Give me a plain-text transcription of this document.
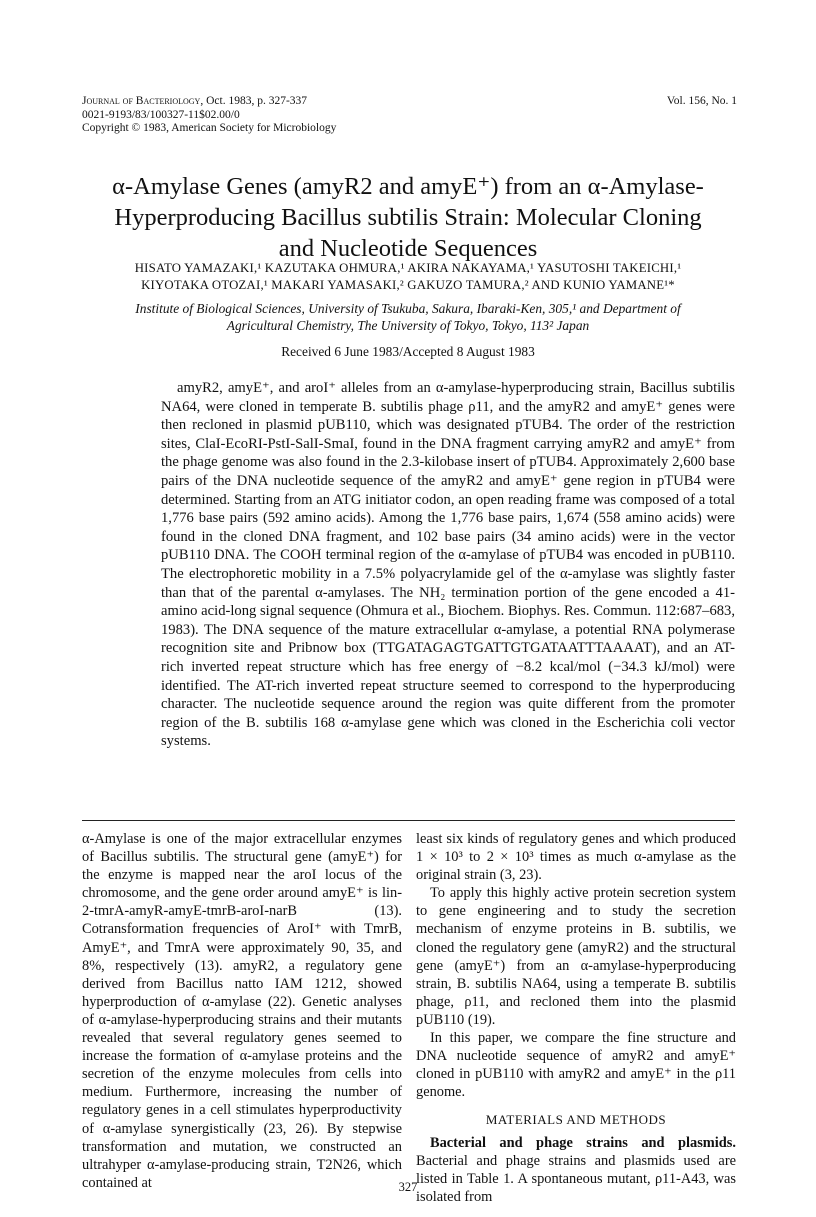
Journal of Bacteriology, Oct. 1983, p. 327-337
0021-9193/83/100327-11$02.00/0
Copyright © 1983, American Society for Microbiology
Vol. 156, No. 1
α-Amylase Genes (amyR2 and amyE⁺) from an α-Amylase-
Hyperproducing Bacillus subtilis Strain: Molecular Cloning
and Nucleotide Sequences
HISATO YAMAZAKI,¹ KAZUTAKA OHMURA,¹ AKIRA NAKAYAMA,¹ YASUTOSHI TAKEICHI,¹
KIYOTAKA OTOZAI,¹ MAKARI YAMASAKI,² GAKUZO TAMURA,² AND KUNIO YAMANE¹*
Institute of Biological Sciences, University of Tsukuba, Sakura, Ibaraki-Ken, 305,¹ and Department of
Agricultural Chemistry, The University of Tokyo, Tokyo, 113² Japan
Received 6 June 1983/Accepted 8 August 1983

amyR2, amyE⁺, and aroI⁺ alleles from an α-amylase-hyperproducing strain, Bacillus subtilis NA64, were cloned in temperate B. subtilis phage ρ11, and the amyR2 and amyE⁺ genes were then recloned in plasmid pUB110, which was designated pTUB4. The order of the restriction sites, ClaI-EcoRI-PstI-SalI-SmaI, found in the DNA fragment carrying amyR2 and amyE⁺ from the phage genome was also found in the 2.3-kilobase insert of pTUB4. Approximately 2,600 base pairs of the DNA nucleotide sequence of the amyR2 and amyE⁺ gene region in pTUB4 were determined. Starting from an ATG initiator codon, an open reading frame was composed of a total 1,776 base pairs (592 amino acids). Among the 1,776 base pairs, 1,674 (558 amino acids) were found in the cloned DNA fragment, and 102 base pairs (34 amino acids) were in the vector pUB110 DNA. The COOH terminal region of the α-amylase of pTUB4 was encoded in pUB110. The electrophoretic mobility in a 7.5% polyacrylamide gel of the α-amylase was slightly faster than that of the parental α-amylases. The NH₂ termination portion of the gene encoded a 41-amino acid-long signal sequence (Ohmura et al., Biochem. Biophys. Res. Commun. 112:687–683, 1983). The DNA sequence of the mature extracellular α-amylase, a potential RNA polymerase recognition site and Pribnow box (TTGATAGAGTGATTGTGATAATTTAAAAT), and an AT-rich inverted repeat structure which has free energy of −8.2 kcal/mol (−34.3 kJ/mol) were identified. The AT-rich inverted repeat structure seemed to correspond to the hyperproducing character. The nucleotide sequence around the region was quite different from the promoter region of the B. subtilis 168 α-amylase gene which was cloned in the Escherichia coli vector systems.

α-Amylase is one of the major extracellular enzymes of Bacillus subtilis. The structural gene (amyE⁺) for the enzyme is mapped near the aroI locus of the chromosome, and the gene order around amyE⁺ is lin-2-tmrA-amyR-amyE-tmrB-aroI-narB (13). Cotransformation frequencies of AroI⁺ with TmrB, AmyE⁺, and TmrA were approximately 90, 35, and 8%, respectively (13). amyR2, a regulatory gene derived from Bacillus natto IAM 1212, showed hyperproduction of α-amylase (22). Genetic analyses of α-amylase-hyperproducing strains and their mutants revealed that several regulatory genes seemed to increase the formation of α-amylase proteins and the secretion of the enzyme molecules from cells into medium. Furthermore, increasing the number of regulatory genes in a cell stimulates hyperproductivity of α-amylase synergistically (23, 26). By stepwise transformation and mutation, we constructed an ultrahyper α-amylase-producing strain, T2N26, which contained at

least six kinds of regulatory genes and which produced 1 × 10³ to 2 × 10³ times as much α-amylase as the original strain (3, 23).

To apply this highly active protein secretion system to gene engineering and to study the secretion mechanism of enzyme proteins in B. subtilis, we cloned the regulatory gene (amyR2) and the structural gene (amyE⁺) from an α-amylase-hyperproducing strain, B. subtilis NA64, using a temperate B. subtilis phage, ρ11, and recloned them into the plasmid pUB110 (19).

In this paper, we compare the fine structure and DNA nucleotide sequence of amyR2 and amyE⁺ cloned in pUB110 with amyR2 and amyE⁺ in the ρ11 genome.

MATERIALS AND METHODS

Bacterial and phage strains and plasmids. Bacterial and phage strains and plasmids used are listed in Table 1. A spontaneous mutant, ρ11-A43, was isolated from

327
